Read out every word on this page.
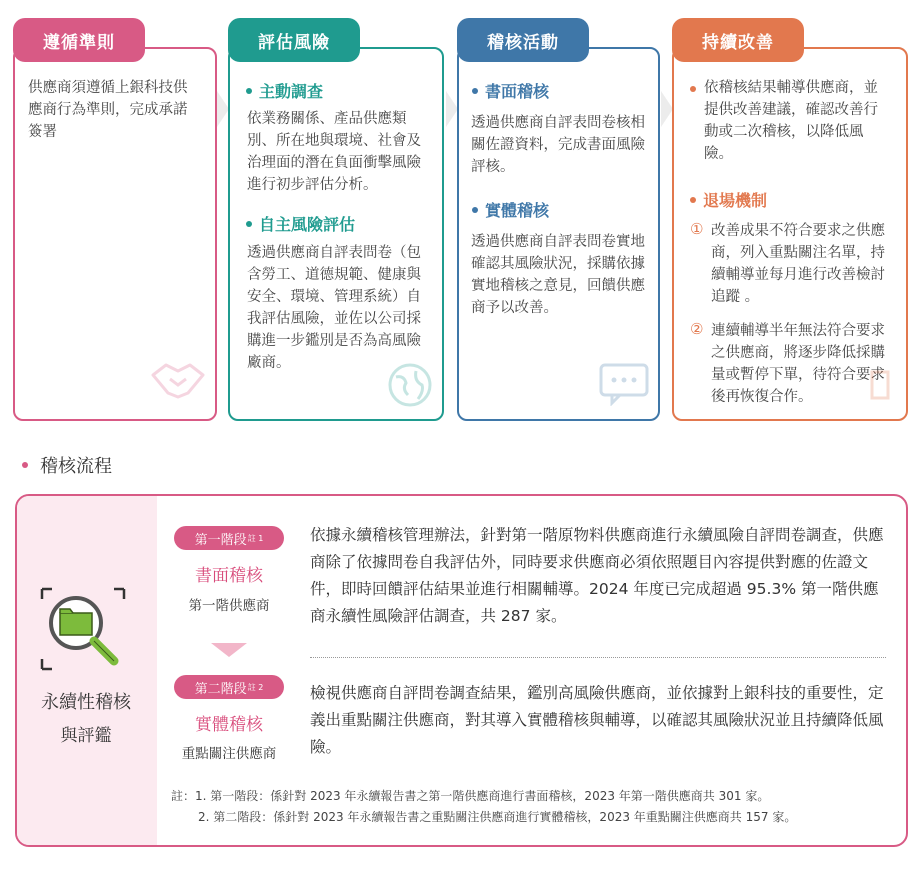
遵循準則
供應商須遵循上銀科技供應商行為準則，完成承諾簽署
評估風險
主動調查
依業務關係、產品供應類別、所在地與環境、社會及治理面的潛在負面衝擊風險進行初步評估分析。
自主風險評估
透過供應商自評表問卷（包含勞工、道德規範、健康與安全、環境、管理系統）自我評估風險，並佐以公司採購進一步鑑別是否為高風險廠商。
稽核活動
書面稽核
透過供應商自評表問卷核相關佐證資料，完成書面風險評核。
實體稽核
透過供應商自評表問卷實地確認其風險狀況，採購依據實地稽核之意見，回饋供應商予以改善。
持續改善
依稽核結果輔導供應商，並提供改善建議，確認改善行動或二次稽核，以降低風險。
退場機制
① 改善成果不符合要求之供應商，列入重點關注名單，持續輔導並每月進行改善檢討追蹤 。
② 連續輔導半年無法符合要求之供應商，將逐步降低採購量或暫停下單，待符合要求後再恢復合作。
稽核流程
永續性稽核
與評鑑
第一階段 註 1
書面稽核
第一階供應商
依據永續稽核管理辦法，針對第一階原物料供應商進行永續風險自評問卷調查，供應商除了依據問卷自我評估外，同時要求供應商必須依照題目內容提供對應的佐證文件，即時回饋評估結果並進行相關輔導。2024 年度已完成超過 95.3% 第一階供應商永續性風險評估調查，共 287 家。
第二階段 註 2
實體稽核
重點關注供應商
檢視供應商自評問卷調查結果，鑑別高風險供應商，並依據對上銀科技的重要性，定義出重點關注供應商，對其導入實體稽核與輔導，以確認其風險狀況並且持續降低風險。
註：1. 第一階段：係針對 2023 年永續報告書之第一階供應商進行書面稽核，2023 年第一階供應商共 301 家。
2. 第二階段：係針對 2023 年永續報告書之重點關注供應商進行實體稽核，2023 年重點關注供應商共 157 家。
